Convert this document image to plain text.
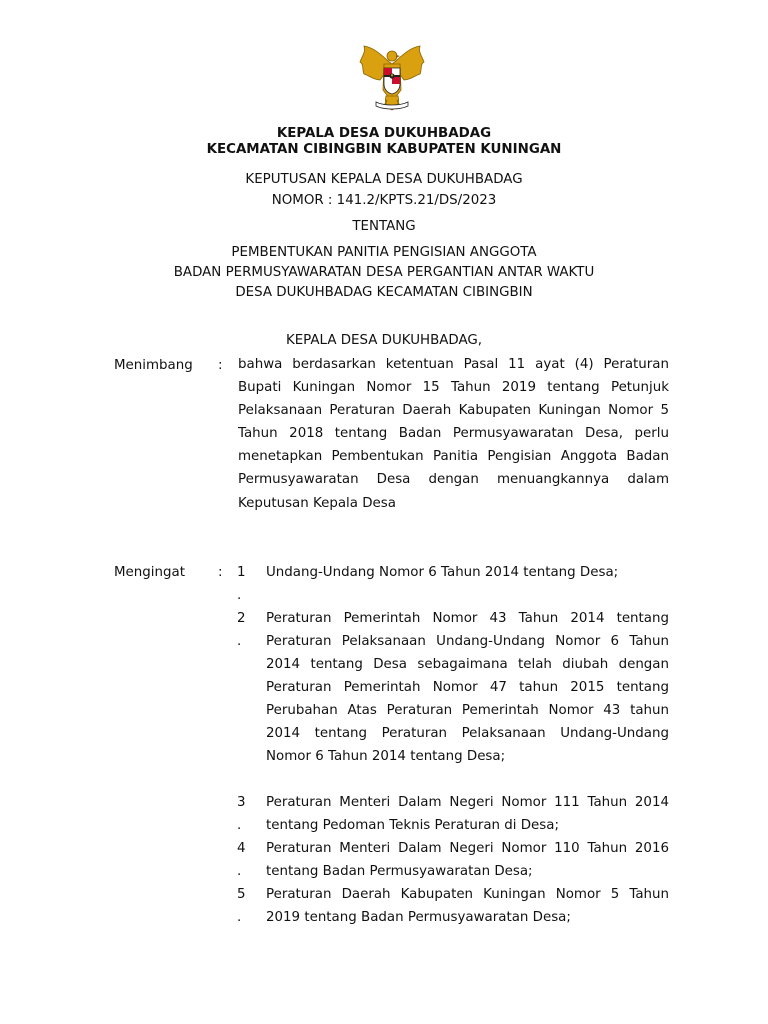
KEPALA DESA DUKUHBADAG
KECAMATAN CIBINGBIN KABUPATEN KUNINGAN
KEPUTUSAN KEPALA DESA DUKUHBADAG
NOMOR : 141.2/KPTS.21/DS/2023
TENTANG
PEMBENTUKAN PANITIA PENGISIAN ANGGOTA
BADAN PERMUSYAWARATAN DESA PERGANTIAN ANTAR WAKTU
DESA DUKUHBADAG KECAMATAN CIBINGBIN
KEPALA DESA DUKUHBADAG,
Menimbang : bahwa berdasarkan ketentuan Pasal 11 ayat (4) Peraturan Bupati Kuningan Nomor 15 Tahun 2019 tentang Petunjuk Pelaksanaan Peraturan Daerah Kabupaten Kuningan Nomor 5 Tahun 2018 tentang Badan Permusyawaratan Desa, perlu menetapkan Pembentukan Panitia Pengisian Anggota Badan Permusyawaratan Desa dengan menuangkannya dalam Keputusan Kepala Desa
Mengingat : 1
.
Undang-Undang Nomor 6 Tahun 2014 tentang Desa;
2
.
Peraturan Pemerintah Nomor 43 Tahun 2014 tentang Peraturan Pelaksanaan Undang-Undang Nomor 6 Tahun 2014 tentang Desa sebagaimana telah diubah dengan Peraturan Pemerintah Nomor 47 tahun 2015 tentang Perubahan Atas Peraturan Pemerintah Nomor 43 tahun 2014 tentang Peraturan Pelaksanaan Undang-Undang Nomor 6 Tahun 2014 tentang Desa;
3
.
Peraturan Menteri Dalam Negeri Nomor 111 Tahun 2014 tentang Pedoman Teknis Peraturan di Desa;
4
.
Peraturan Menteri Dalam Negeri Nomor 110 Tahun 2016 tentang Badan Permusyawaratan Desa;
5
.
Peraturan Daerah Kabupaten Kuningan Nomor 5 Tahun 2019 tentang Badan Permusyawaratan Desa;
